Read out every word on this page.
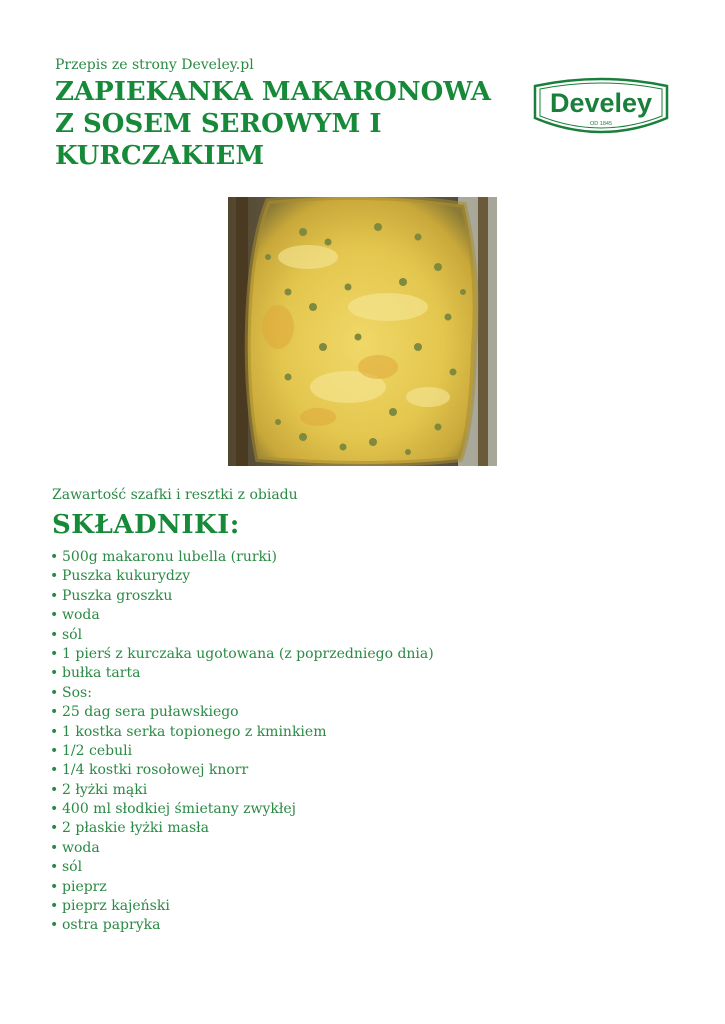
Przepis ze strony Develey.pl
ZAPIEKANKA MAKARONOWA Z SOSEM SEROWYM I KURCZAKIEM
Develey
OD 1845
Zawartość szafki i resztki z obiadu
SKŁADNIKI:
• 500g makaronu lubella (rurki)
• Puszka kukurydzy
• Puszka groszku
• woda
• sól
• 1 pierś z kurczaka ugotowana (z poprzedniego dnia)
• bułka tarta
• Sos:
• 25 dag sera puławskiego
• 1 kostka serka topionego z kminkiem
• 1/2 cebuli
• 1/4 kostki rosołowej knorr
• 2 łyżki mąki
• 400 ml słodkiej śmietany zwykłej
• 2 płaskie łyżki masła
• woda
• sól
• pieprz
• pieprz kajeński
• ostra papryka
